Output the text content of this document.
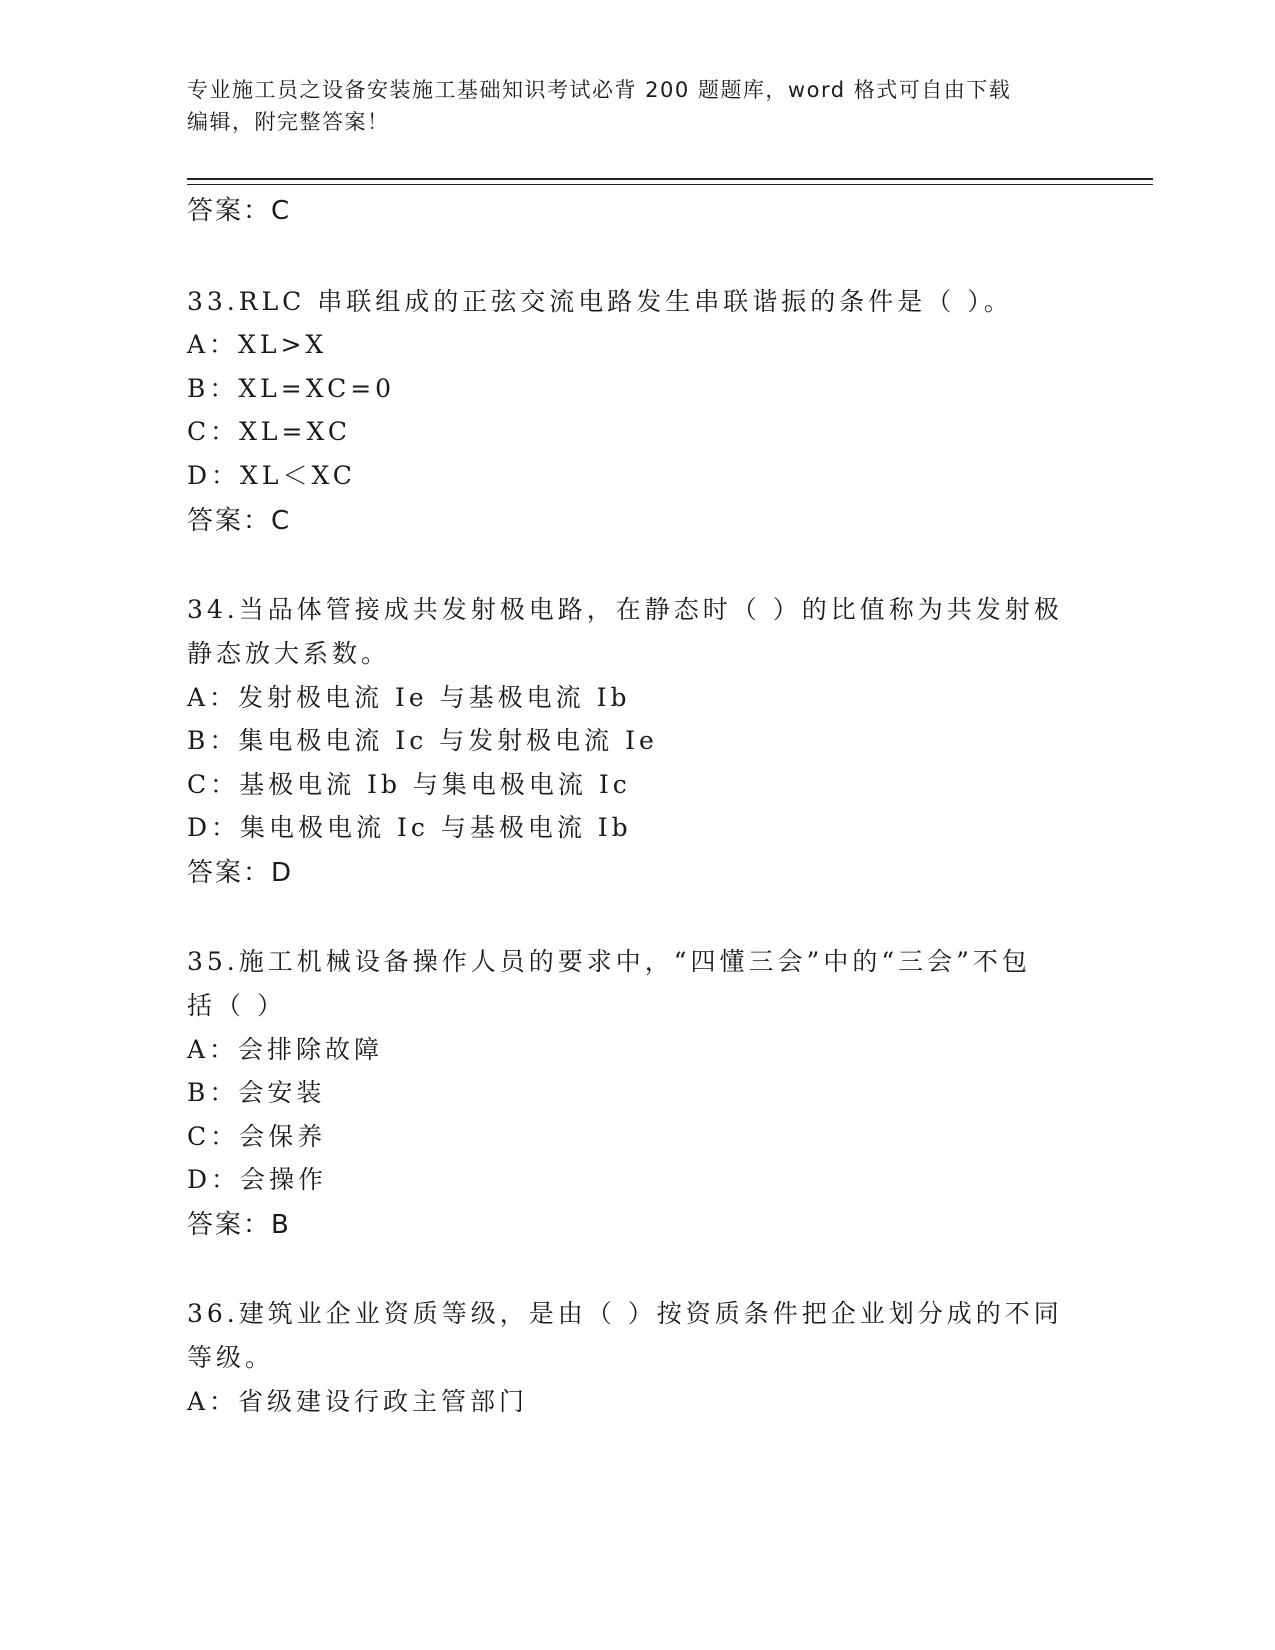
专业施工员之设备安装施工基础知识考试必背 200 题题库，word 格式可自由下载
编辑，附完整答案！
答案：C
33.RLC 串联组成的正弦交流电路发生串联谐振的条件是（ ）。
A：XL>X
B：XL=XC=0
C：XL=XC
D：XL＜XC
答案：C
34.当品体管接成共发射极电路，在静态时（ ）的比值称为共发射极
静态放大系数。
A：发射极电流 Ie 与基极电流 Ib
B：集电极电流 Ic 与发射极电流 Ie
C：基极电流 Ib 与集电极电流 Ic
D：集电极电流 Ic 与基极电流 Ib
答案：D
35.施工机械设备操作人员的要求中，“四懂三会”中的“三会”不包
括（ ）
A：会排除故障
B：会安装
C：会保养
D：会操作
答案：B
36.建筑业企业资质等级，是由（ ）按资质条件把企业划分成的不同
等级。
A：省级建设行政主管部门
